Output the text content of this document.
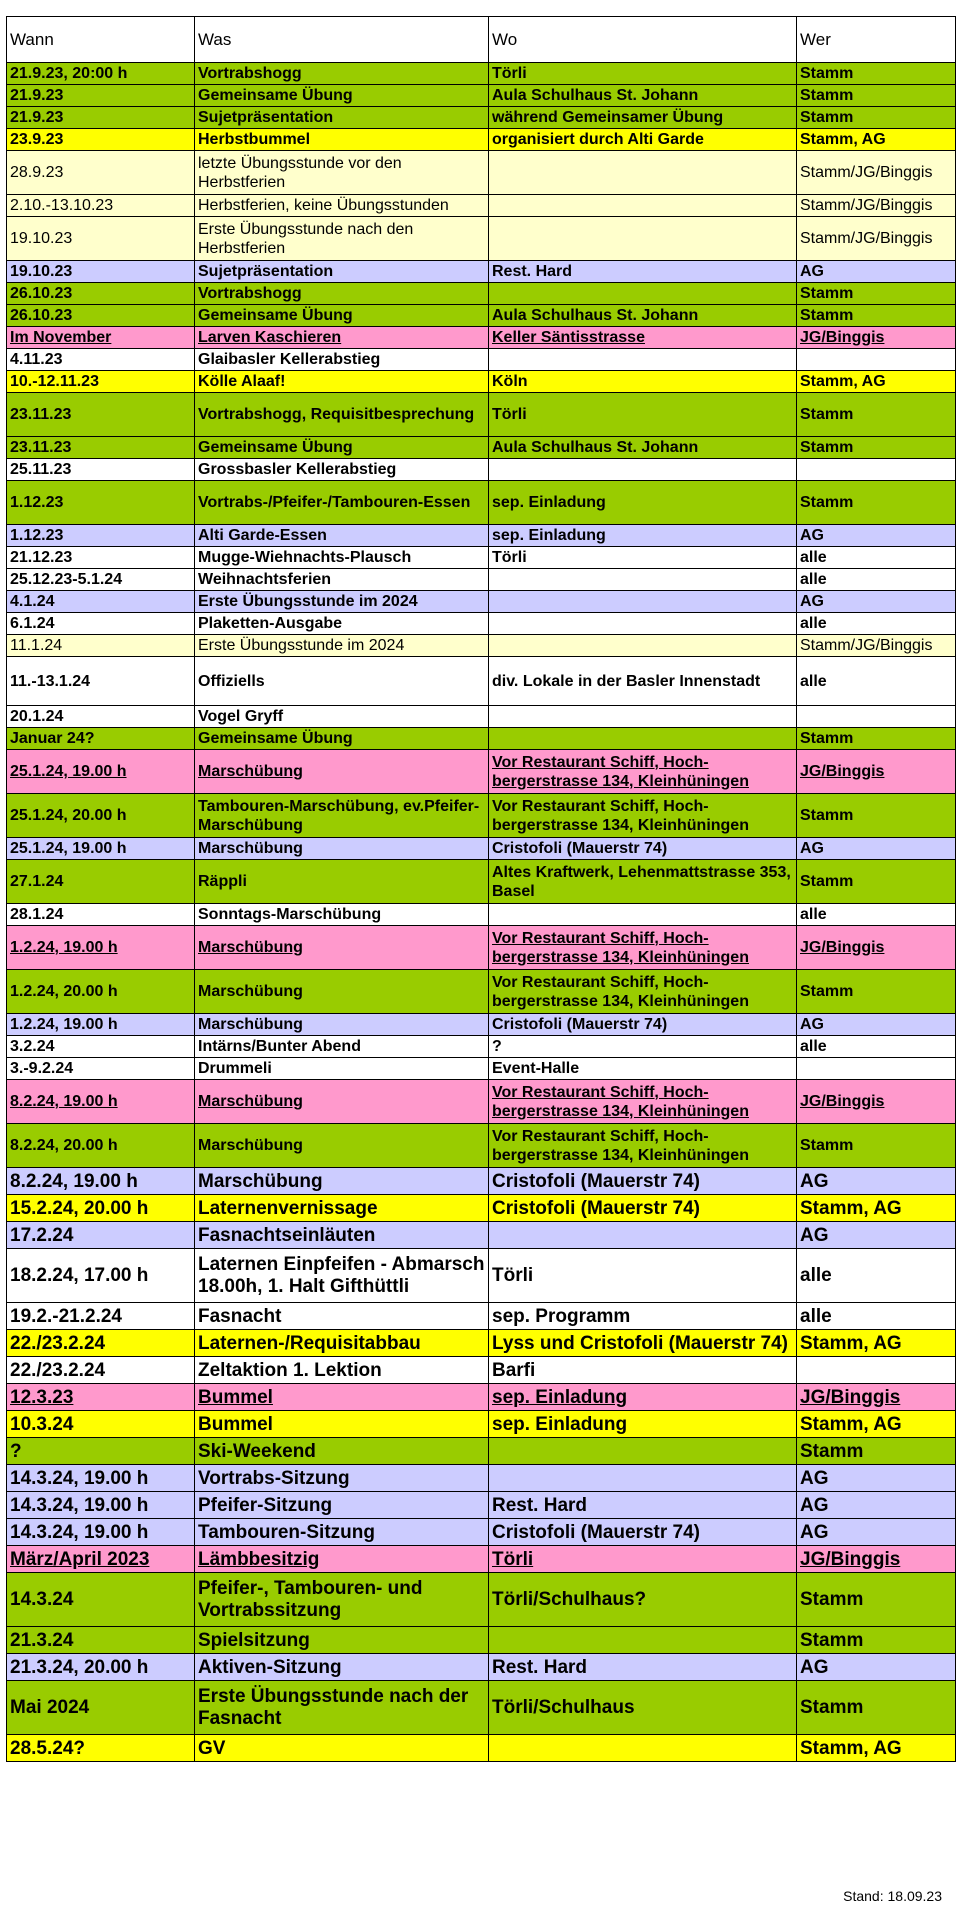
Wann	Was	Wo	Wer
21.9.23, 20:00 h	Vortrabshogg	Törli	Stamm
21.9.23	Gemeinsame Übung	Aula Schulhaus St. Johann	Stamm
21.9.23	Sujetpräsentation	während Gemeinsamer Übung	Stamm
23.9.23	Herbstbummel	organisiert durch Alti Garde	Stamm, AG
28.9.23	letzte Übungsstunde vor den Herbstferien		Stamm/JG/Binggis
2.10.-13.10.23	Herbstferien, keine Übungsstunden		Stamm/JG/Binggis
19.10.23	Erste Übungsstunde nach den Herbstferien		Stamm/JG/Binggis
19.10.23	Sujetpräsentation	Rest. Hard	AG
26.10.23	Vortrabshogg		Stamm
26.10.23	Gemeinsame Übung	Aula Schulhaus St. Johann	Stamm
Im November	Larven Kaschieren	Keller Säntisstrasse	JG/Binggis
4.11.23	Glaibasler Kellerabstieg		
10.-12.11.23	Kölle Alaaf!	Köln	Stamm, AG
23.11.23	Vortrabshogg, Requisitbesprechung	Törli	Stamm
23.11.23	Gemeinsame Übung	Aula Schulhaus St. Johann	Stamm
25.11.23	Grossbasler Kellerabstieg		
1.12.23	Vortrabs-/Pfeifer-/Tambouren-Essen	sep. Einladung	Stamm
1.12.23	Alti Garde-Essen	sep. Einladung	AG
21.12.23	Mugge-Wiehnachts-Plausch	Törli	alle
25.12.23-5.1.24	Weihnachtsferien		alle
4.1.24	Erste Übungsstunde im 2024		AG
6.1.24	Plaketten-Ausgabe		alle
11.1.24	Erste Übungsstunde im 2024		Stamm/JG/Binggis
11.-13.1.24	Offiziells	div. Lokale in der Basler Innenstadt	alle
20.1.24	Vogel Gryff		
Januar 24?	Gemeinsame Übung		Stamm
25.1.24, 19.00 h	Marschübung	Vor Restaurant Schiff, Hoch-bergerstrasse 134, Kleinhüningen	JG/Binggis
25.1.24, 20.00 h	Tambouren-Marschübung, ev.Pfeifer-Marschübung	Vor Restaurant Schiff, Hoch-bergerstrasse 134, Kleinhüningen	Stamm
25.1.24, 19.00 h	Marschübung	Cristofoli (Mauerstr 74)	AG
27.1.24	Räppli	Altes Kraftwerk, Lehenmattstrasse 353, Basel	Stamm
28.1.24	Sonntags-Marschübung		alle
1.2.24, 19.00 h	Marschübung	Vor Restaurant Schiff, Hoch-bergerstrasse 134, Kleinhüningen	JG/Binggis
1.2.24, 20.00 h	Marschübung	Vor Restaurant Schiff, Hoch-bergerstrasse 134, Kleinhüningen	Stamm
1.2.24, 19.00 h	Marschübung	Cristofoli (Mauerstr 74)	AG
3.2.24	Intärns/Bunter Abend	?	alle
3.-9.2.24	Drummeli	Event-Halle	
8.2.24, 19.00 h	Marschübung	Vor Restaurant Schiff, Hoch-bergerstrasse 134, Kleinhüningen	JG/Binggis
8.2.24, 20.00 h	Marschübung	Vor Restaurant Schiff, Hoch-bergerstrasse 134, Kleinhüningen	Stamm
8.2.24, 19.00 h	Marschübung	Cristofoli (Mauerstr 74)	AG
15.2.24, 20.00 h	Laternenvernissage	Cristofoli (Mauerstr 74)	Stamm, AG
17.2.24	Fasnachtseinläuten		AG
18.2.24, 17.00 h	Laternen Einpfeifen - Abmarsch 18.00h, 1. Halt Gifthüttli	Törli	alle
19.2.-21.2.24	Fasnacht	sep. Programm	alle
22./23.2.24	Laternen-/Requisitabbau	Lyss und Cristofoli (Mauerstr 74)	Stamm, AG
22./23.2.24	Zeltaktion 1. Lektion	Barfi	
12.3.23	Bummel	sep. Einladung	JG/Binggis
10.3.24	Bummel	sep. Einladung	Stamm, AG
?	Ski-Weekend		Stamm
14.3.24, 19.00 h	Vortrabs-Sitzung		AG
14.3.24, 19.00 h	Pfeifer-Sitzung	Rest. Hard	AG
14.3.24, 19.00 h	Tambouren-Sitzung	Cristofoli (Mauerstr 74)	AG
März/April 2023	Lämbbesitzig	Törli	JG/Binggis
14.3.24	Pfeifer-, Tambouren- und Vortrabssitzung	Törli/Schulhaus?	Stamm
21.3.24	Spielsitzung		Stamm
21.3.24, 20.00 h	Aktiven-Sitzung	Rest. Hard	AG
Mai 2024	Erste Übungsstunde nach der Fasnacht	Törli/Schulhaus	Stamm
28.5.24?	GV		Stamm, AG
Stand: 18.09.23
